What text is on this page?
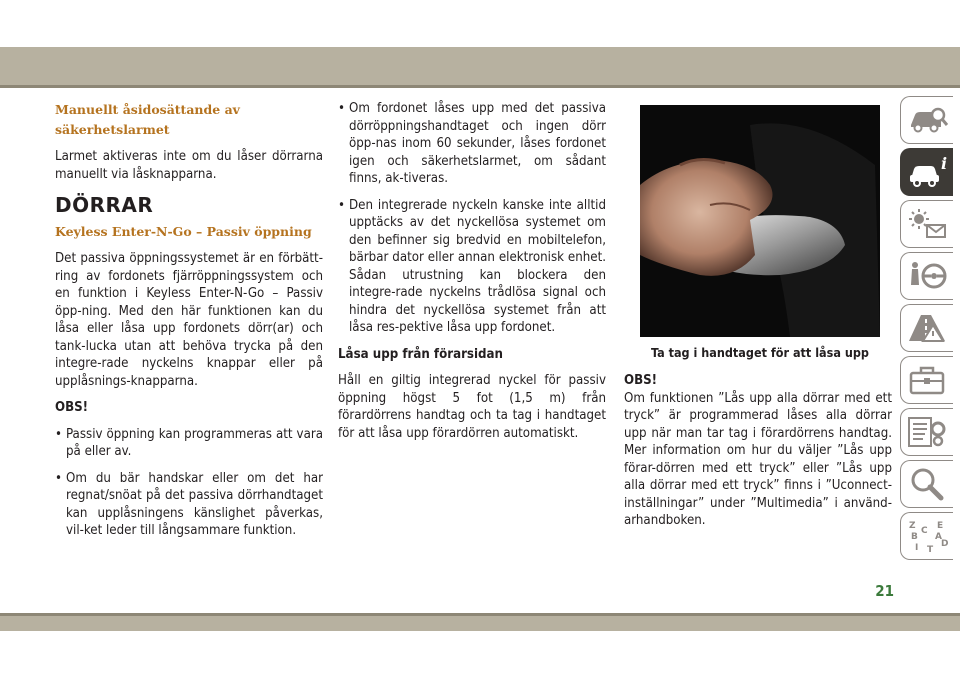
Manuellt åsidosättande av säkerhetslarmet

Larmet aktiveras inte om du låser dörrarna manuellt via låsknapparna.

DÖRRAR
Keyless Enter-N-Go – Passiv öppning

Det passiva öppningssystemet är en förbätt-ring av fordonets fjärröppningssystem och en funktion i Keyless Enter-N-Go – Passiv öpp-ning. Med den här funktionen kan du låsa eller låsa upp fordonets dörr(ar) och tank-lucka utan att behöva trycka på den integre-rade nyckelns knappar eller på upplåsnings-knapparna.

OBS!
• Passiv öppning kan programmeras att vara på eller av.
• Om du bär handskar eller om det har regnat/snöat på det passiva dörrhandtaget kan upplåsningens känslighet påverkas, vil-ket leder till långsammare funktion.
• Om fordonet låses upp med det passiva dörröppningshandtaget och ingen dörr öpp-nas inom 60 sekunder, låses fordonet igen och säkerhetslarmet, om sådant finns, ak-tiveras.
• Den integrerade nyckeln kanske inte alltid upptäcks av det nyckellösa systemet om den befinner sig bredvid en mobiltelefon, bärbar dator eller annan elektronisk enhet. Sådan utrustning kan blockera den integre-rade nyckelns trådlösa signal och hindra det nyckellösa systemet från att låsa res-pektive låsa upp fordonet.
Låsa upp från förarsidan

Håll en giltig integrerad nyckel för passiv öppning högst 5 fot (1,5 m) från förardörrens handtag och ta tag i handtaget för att låsa upp förardörren automatiskt.

Ta tag i handtaget för att låsa upp
OBS!

Om funktionen ”Lås upp alla dörrar med ett tryck” är programmerad låses alla dörrar upp när man tar tag i förardörrens handtag. Mer information om hur du väljer ”Lås upp förar-dörren med ett tryck” eller ”Lås upp alla dörrar med ett tryck” finns i ”Uconnect-inställningar” under ”Multimedia” i använd-arhandboken.

i
Z E
B A
C
D
I T
21
